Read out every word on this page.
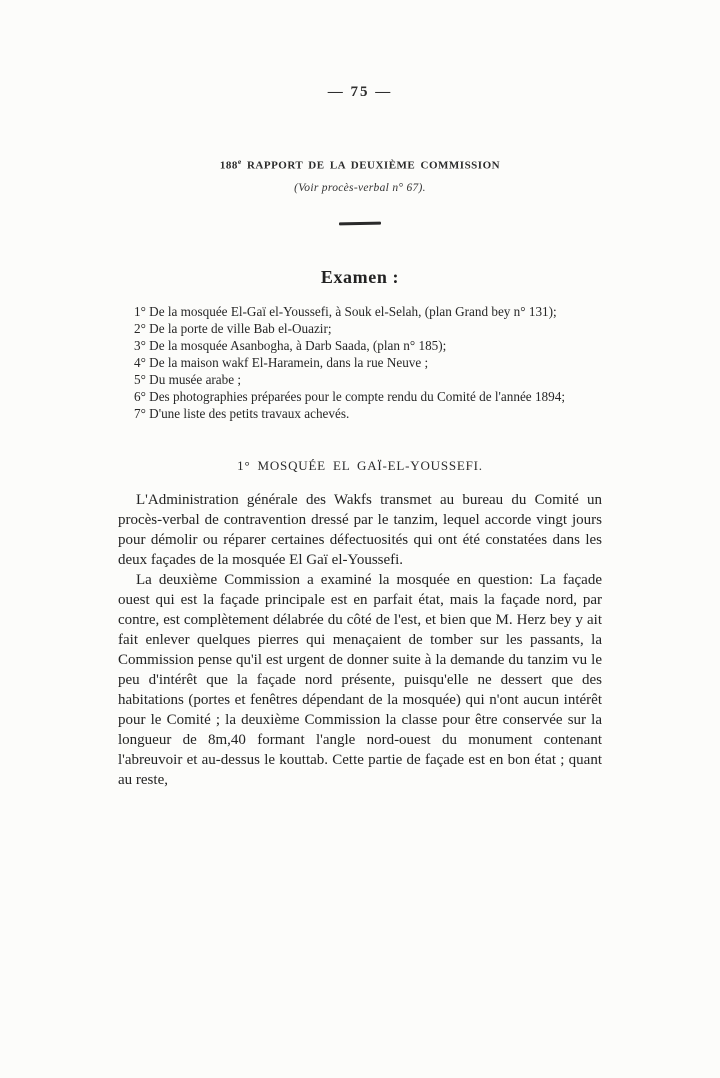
— 75 —
188e RAPPORT DE LA DEUXIÈME COMMISSION
(Voir procès-verbal n° 67).
Examen :

1° De la mosquée El-Gaï el-Youssefi, à Souk el-Selah, (plan Grand bey n° 131);

2° De la porte de ville Bab el-Ouazir;

3° De la mosquée Asanbogha, à Darb Saada, (plan n° 185);

4° De la maison wakf El-Haramein, dans la rue Neuve ;

5° Du musée arabe ;

6° Des photographies préparées pour le compte rendu du Comité de l'année 1894;

7° D'une liste des petits travaux achevés.

1° MOSQUÉE EL GAÏ-EL-YOUSSEFI.

L'Administration générale des Wakfs transmet au bureau du Comité un procès-verbal de contravention dressé par le tanzim, lequel accorde vingt jours pour démolir ou réparer certaines défectuosités qui ont été constatées dans les deux façades de la mosquée El Gaï el-Youssefi.

La deuxième Commission a examiné la mosquée en question: La façade ouest qui est la façade principale est en parfait état, mais la façade nord, par contre, est complètement délabrée du côté de l'est, et bien que M. Herz bey y ait fait enlever quelques pierres qui menaçaient de tomber sur les passants, la Commission pense qu'il est urgent de donner suite à la demande du tanzim vu le peu d'intérêt que la façade nord présente, puisqu'elle ne dessert que des habitations (portes et fenêtres dépendant de la mosquée) qui n'ont aucun intérêt pour le Comité ; la deuxième Commission la classe pour être conservée sur la longueur de 8m,40 formant l'angle nord-ouest du monument contenant l'abreuvoir et au-dessus le kouttab. Cette partie de façade est en bon état ; quant au reste,
